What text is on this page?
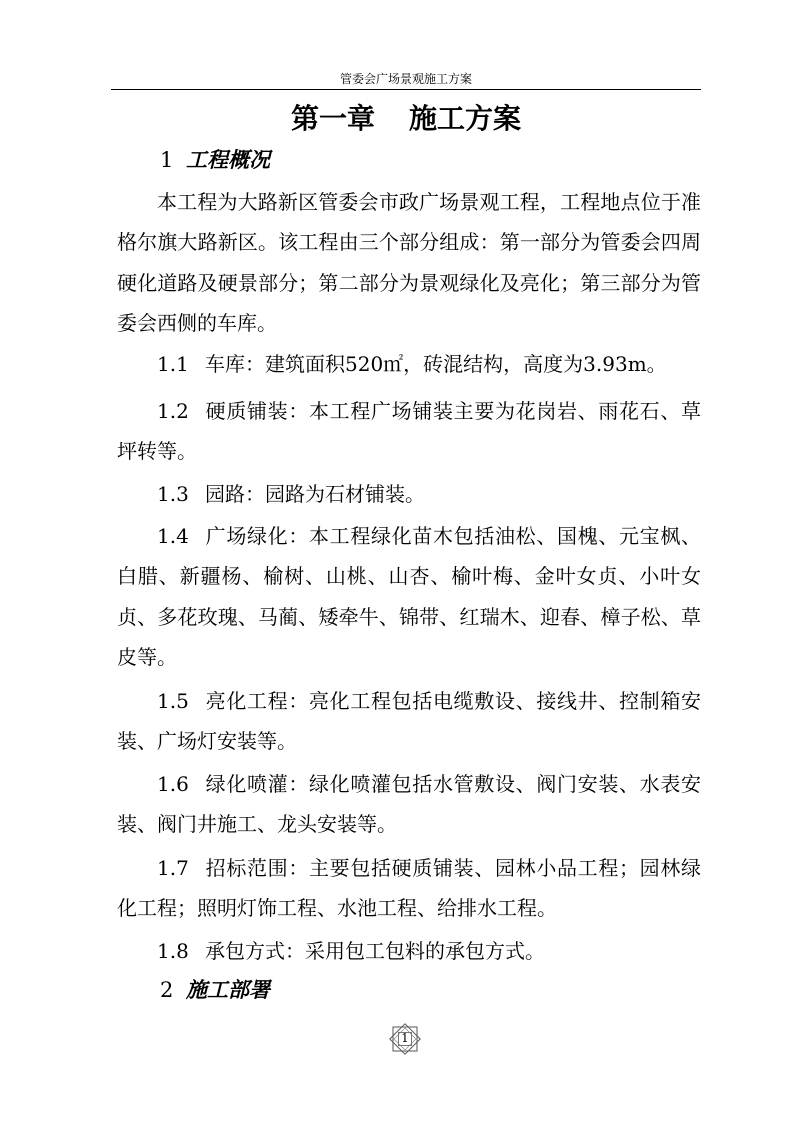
管委会广场景观施工方案
第一章 施工方案
1 工程概况

本工程为大路新区管委会市政广场景观工程，工程地点位于准格尔旗大路新区。该工程由三个部分组成：第一部分为管委会四周硬化道路及硬景部分；第二部分为景观绿化及亮化；第三部分为管委会西侧的车库。

1.1 车库：建筑面积520㎡，砖混结构，高度为3.93m。

1.2 硬质铺装：本工程广场铺装主要为花岗岩、雨花石、草坪转等。

1.3 园路：园路为石材铺装。

1.4 广场绿化：本工程绿化苗木包括油松、国槐、元宝枫、白腊、新疆杨、榆树、山桃、山杏、榆叶梅、金叶女贞、小叶女贞、多花玫瑰、马蔺、矮牵牛、锦带、红瑞木、迎春、樟子松、草皮等。

1.5 亮化工程：亮化工程包括电缆敷设、接线井、控制箱安装、广场灯安装等。

1.6 绿化喷灌：绿化喷灌包括水管敷设、阀门安装、水表安装、阀门井施工、龙头安装等。

1.7 招标范围：主要包括硬质铺装、园林小品工程；园林绿化工程；照明灯饰工程、水池工程、给排水工程。

1.8 承包方式：采用包工包料的承包方式。

2 施工部署
1
